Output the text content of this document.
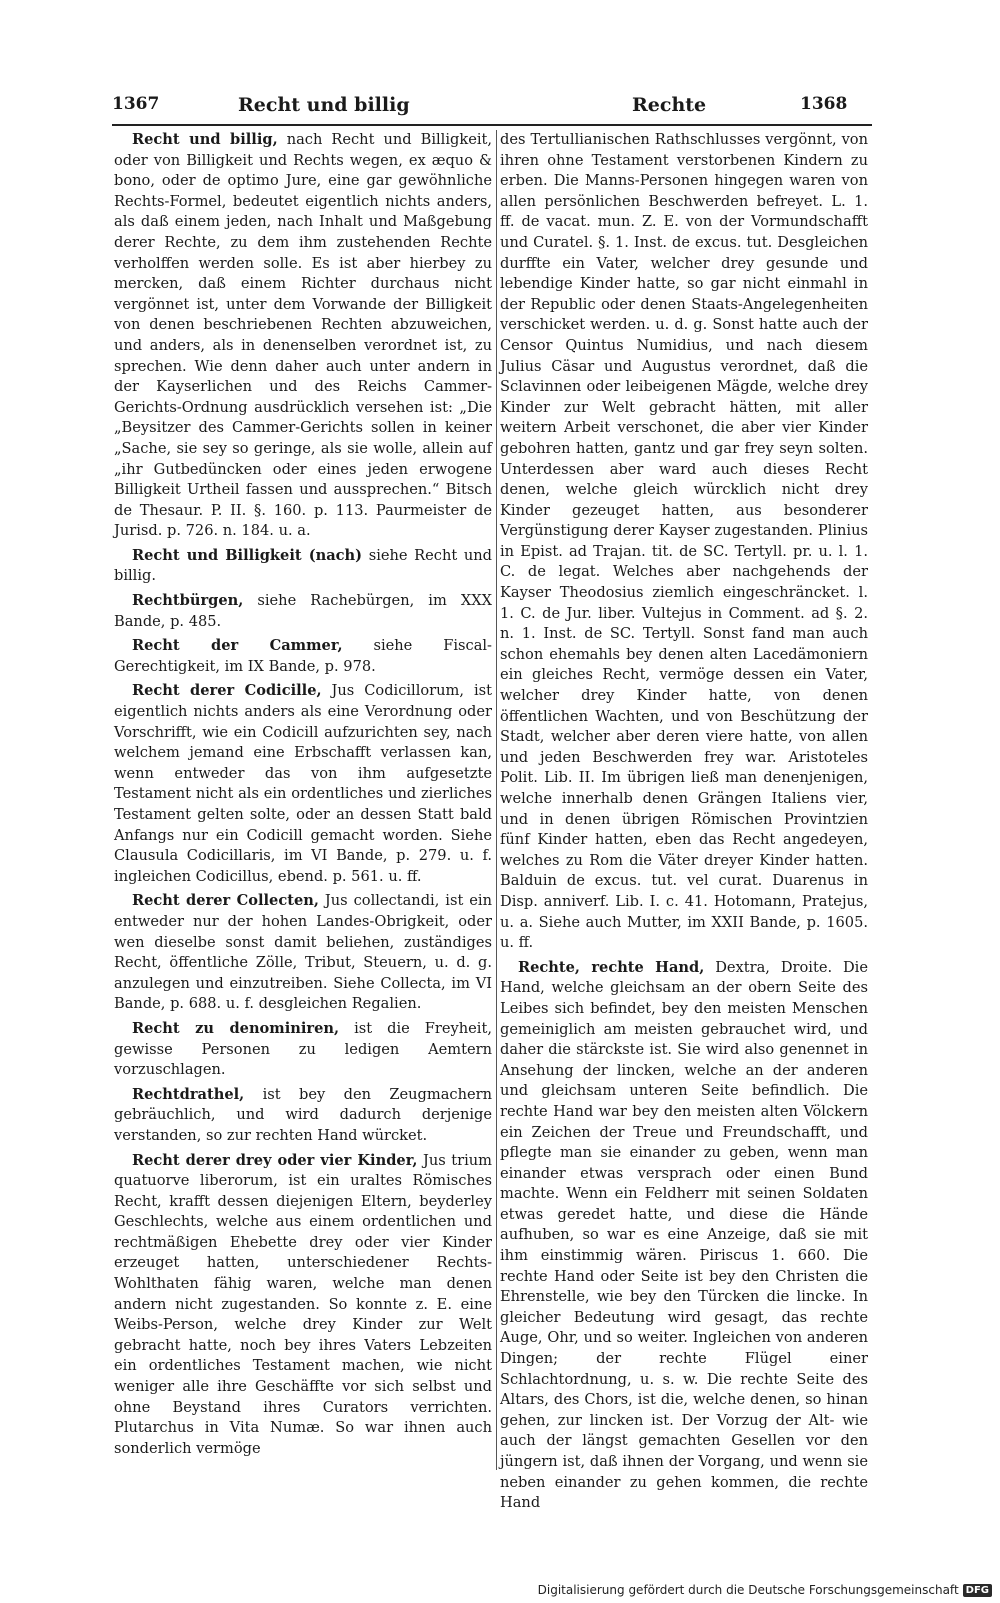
1367	Recht und billig	Rechte	1368

Recht und billig, nach Recht und Billigkeit, oder von Billigkeit und Rechts wegen, ex æquo & bono, oder de optimo Jure, eine gar gewöhnliche Rechts-Formel, bedeutet eigentlich nichts anders, als daß einem jeden, nach Inhalt und Maßgebung derer Rechte, zu dem ihm zustehenden Rechte verholffen werden solle. Es ist aber hierbey zu mercken, daß einem Richter durchaus nicht vergönnet ist, unter dem Vorwande der Billigkeit von denen beschriebenen Rechten abzuweichen, und anders, als in denenselben verordnet ist, zu sprechen. Wie denn daher auch unter andern in der Kayserlichen und des Reichs Cammer-Gerichts-Ordnung ausdrücklich versehen ist: „Die „Beysitzer des Cammer-Gerichts sollen in keiner „Sache, sie sey so geringe, als sie wolle, allein auf „ihr Gutbedüncken oder eines jeden erwogene Billigkeit Urtheil fassen und aussprechen.“ Bitsch de Thesaur. P. II. §. 160. p. 113. Paurmeister de Jurisd. p. 726. n. 184. u. a.

Recht und Billigkeit (nach) siehe Recht und billig.

Rechtbürgen, siehe Rachebürgen, im XXX Bande, p. 485.

Recht der Cammer, siehe Fiscal-Gerechtigkeit, im IX Bande, p. 978.

Recht derer Codicille, Jus Codicillorum, ist eigentlich nichts anders als eine Verordnung oder Vorschrifft, wie ein Codicill aufzurichten sey, nach welchem jemand eine Erbschafft verlassen kan, wenn entweder das von ihm aufgesetzte Testament nicht als ein ordentliches und zierliches Testament gelten solte, oder an dessen Statt bald Anfangs nur ein Codicill gemacht worden. Siehe Clausula Codicillaris, im VI Bande, p. 279. u. f. ingleichen Codicillus, ebend. p. 561. u. ff.

Recht derer Collecten, Jus collectandi, ist ein entweder nur der hohen Landes-Obrigkeit, oder wen dieselbe sonst damit beliehen, zuständiges Recht, öffentliche Zölle, Tribut, Steuern, u. d. g. anzulegen und einzutreiben. Siehe Collecta, im VI Bande, p. 688. u. f. desgleichen Regalien.

Recht zu denominiren, ist die Freyheit, gewisse Personen zu ledigen Aemtern vorzuschlagen.

Rechtdrathel, ist bey den Zeugmachern gebräuchlich, und wird dadurch derjenige verstanden, so zur rechten Hand würcket.

Recht derer drey oder vier Kinder, Jus trium quatuorve liberorum, ist ein uraltes Römisches Recht, krafft dessen diejenigen Eltern, beyderley Geschlechts, welche aus einem ordentlichen und rechtmäßigen Ehebette drey oder vier Kinder erzeuget hatten, unterschiedener Rechts-Wohlthaten fähig waren, welche man denen andern nicht zugestanden. So konnte z. E. eine Weibs-Person, welche drey Kinder zur Welt gebracht hatte, noch bey ihres Vaters Lebzeiten ein ordentliches Testament machen, wie nicht weniger alle ihre Geschäffte vor sich selbst und ohne Beystand ihres Curators verrichten. Plutarchus in Vita Numæ. So war ihnen auch sonderlich vermöge

des Tertullianischen Rathschlusses vergönnt, von ihren ohne Testament verstorbenen Kindern zu erben. Die Manns-Personen hingegen waren von allen persönlichen Beschwerden befreyet. L. 1. ff. de vacat. mun. Z. E. von der Vormundschafft und Curatel. §. 1. Inst. de excus. tut. Desgleichen durffte ein Vater, welcher drey gesunde und lebendige Kinder hatte, so gar nicht einmahl in der Republic oder denen Staats-Angelegenheiten verschicket werden. u. d. g. Sonst hatte auch der Censor Quintus Numidius, und nach diesem Julius Cäsar und Augustus verordnet, daß die Sclavinnen oder leibeigenen Mägde, welche drey Kinder zur Welt gebracht hätten, mit aller weitern Arbeit verschonet, die aber vier Kinder gebohren hatten, gantz und gar frey seyn solten. Unterdessen aber ward auch dieses Recht denen, welche gleich würcklich nicht drey Kinder gezeuget hatten, aus besonderer Vergünstigung derer Kayser zugestanden. Plinius in Epist. ad Trajan. tit. de SC. Tertyll. pr. u. l. 1. C. de legat. Welches aber nachgehends der Kayser Theodosius ziemlich eingeschräncket. l. 1. C. de Jur. liber. Vultejus in Comment. ad §. 2. n. 1. Inst. de SC. Tertyll. Sonst fand man auch schon ehemahls bey denen alten Lacedämoniern ein gleiches Recht, vermöge dessen ein Vater, welcher drey Kinder hatte, von denen öffentlichen Wachten, und von Beschützung der Stadt, welcher aber deren viere hatte, von allen und jeden Beschwerden frey war. Aristoteles Polit. Lib. II. Im übrigen ließ man denenjenigen, welche innerhalb denen Grängen Italiens vier, und in denen übrigen Römischen Provintzien fünf Kinder hatten, eben das Recht angedeyen, welches zu Rom die Väter dreyer Kinder hatten. Balduin de excus. tut. vel curat. Duarenus in Disp. anniverf. Lib. I. c. 41. Hotomann, Pratejus, u. a. Siehe auch Mutter, im XXII Bande, p. 1605. u. ff.

Rechte, rechte Hand, Dextra, Droite. Die Hand, welche gleichsam an der obern Seite des Leibes sich befindet, bey den meisten Menschen gemeiniglich am meisten gebrauchet wird, und daher die stärckste ist. Sie wird also genennet in Ansehung der lincken, welche an der anderen und gleichsam unteren Seite befindlich. Die rechte Hand war bey den meisten alten Völckern ein Zeichen der Treue und Freundschafft, und pflegte man sie einander zu geben, wenn man einander etwas versprach oder einen Bund machte. Wenn ein Feldherr mit seinen Soldaten etwas geredet hatte, und diese die Hände aufhuben, so war es eine Anzeige, daß sie mit ihm einstimmig wären. Piriscus 1. 660. Die rechte Hand oder Seite ist bey den Christen die Ehrenstelle, wie bey den Türcken die lincke. In gleicher Bedeutung wird gesagt, das rechte Auge, Ohr, und so weiter. Ingleichen von anderen Dingen; der rechte Flügel einer Schlachtordnung, u. s. w. Die rechte Seite des Altars, des Chors, ist die, welche denen, so hinan gehen, zur lincken ist. Der Vorzug der Alt- wie auch der längst gemachten Gesellen vor den jüngern ist, daß ihnen der Vorgang, und wenn sie neben einander zu gehen kommen, die rechte Hand

Digitalisierung gefördert durch die Deutsche Forschungsgemeinschaft DFG
